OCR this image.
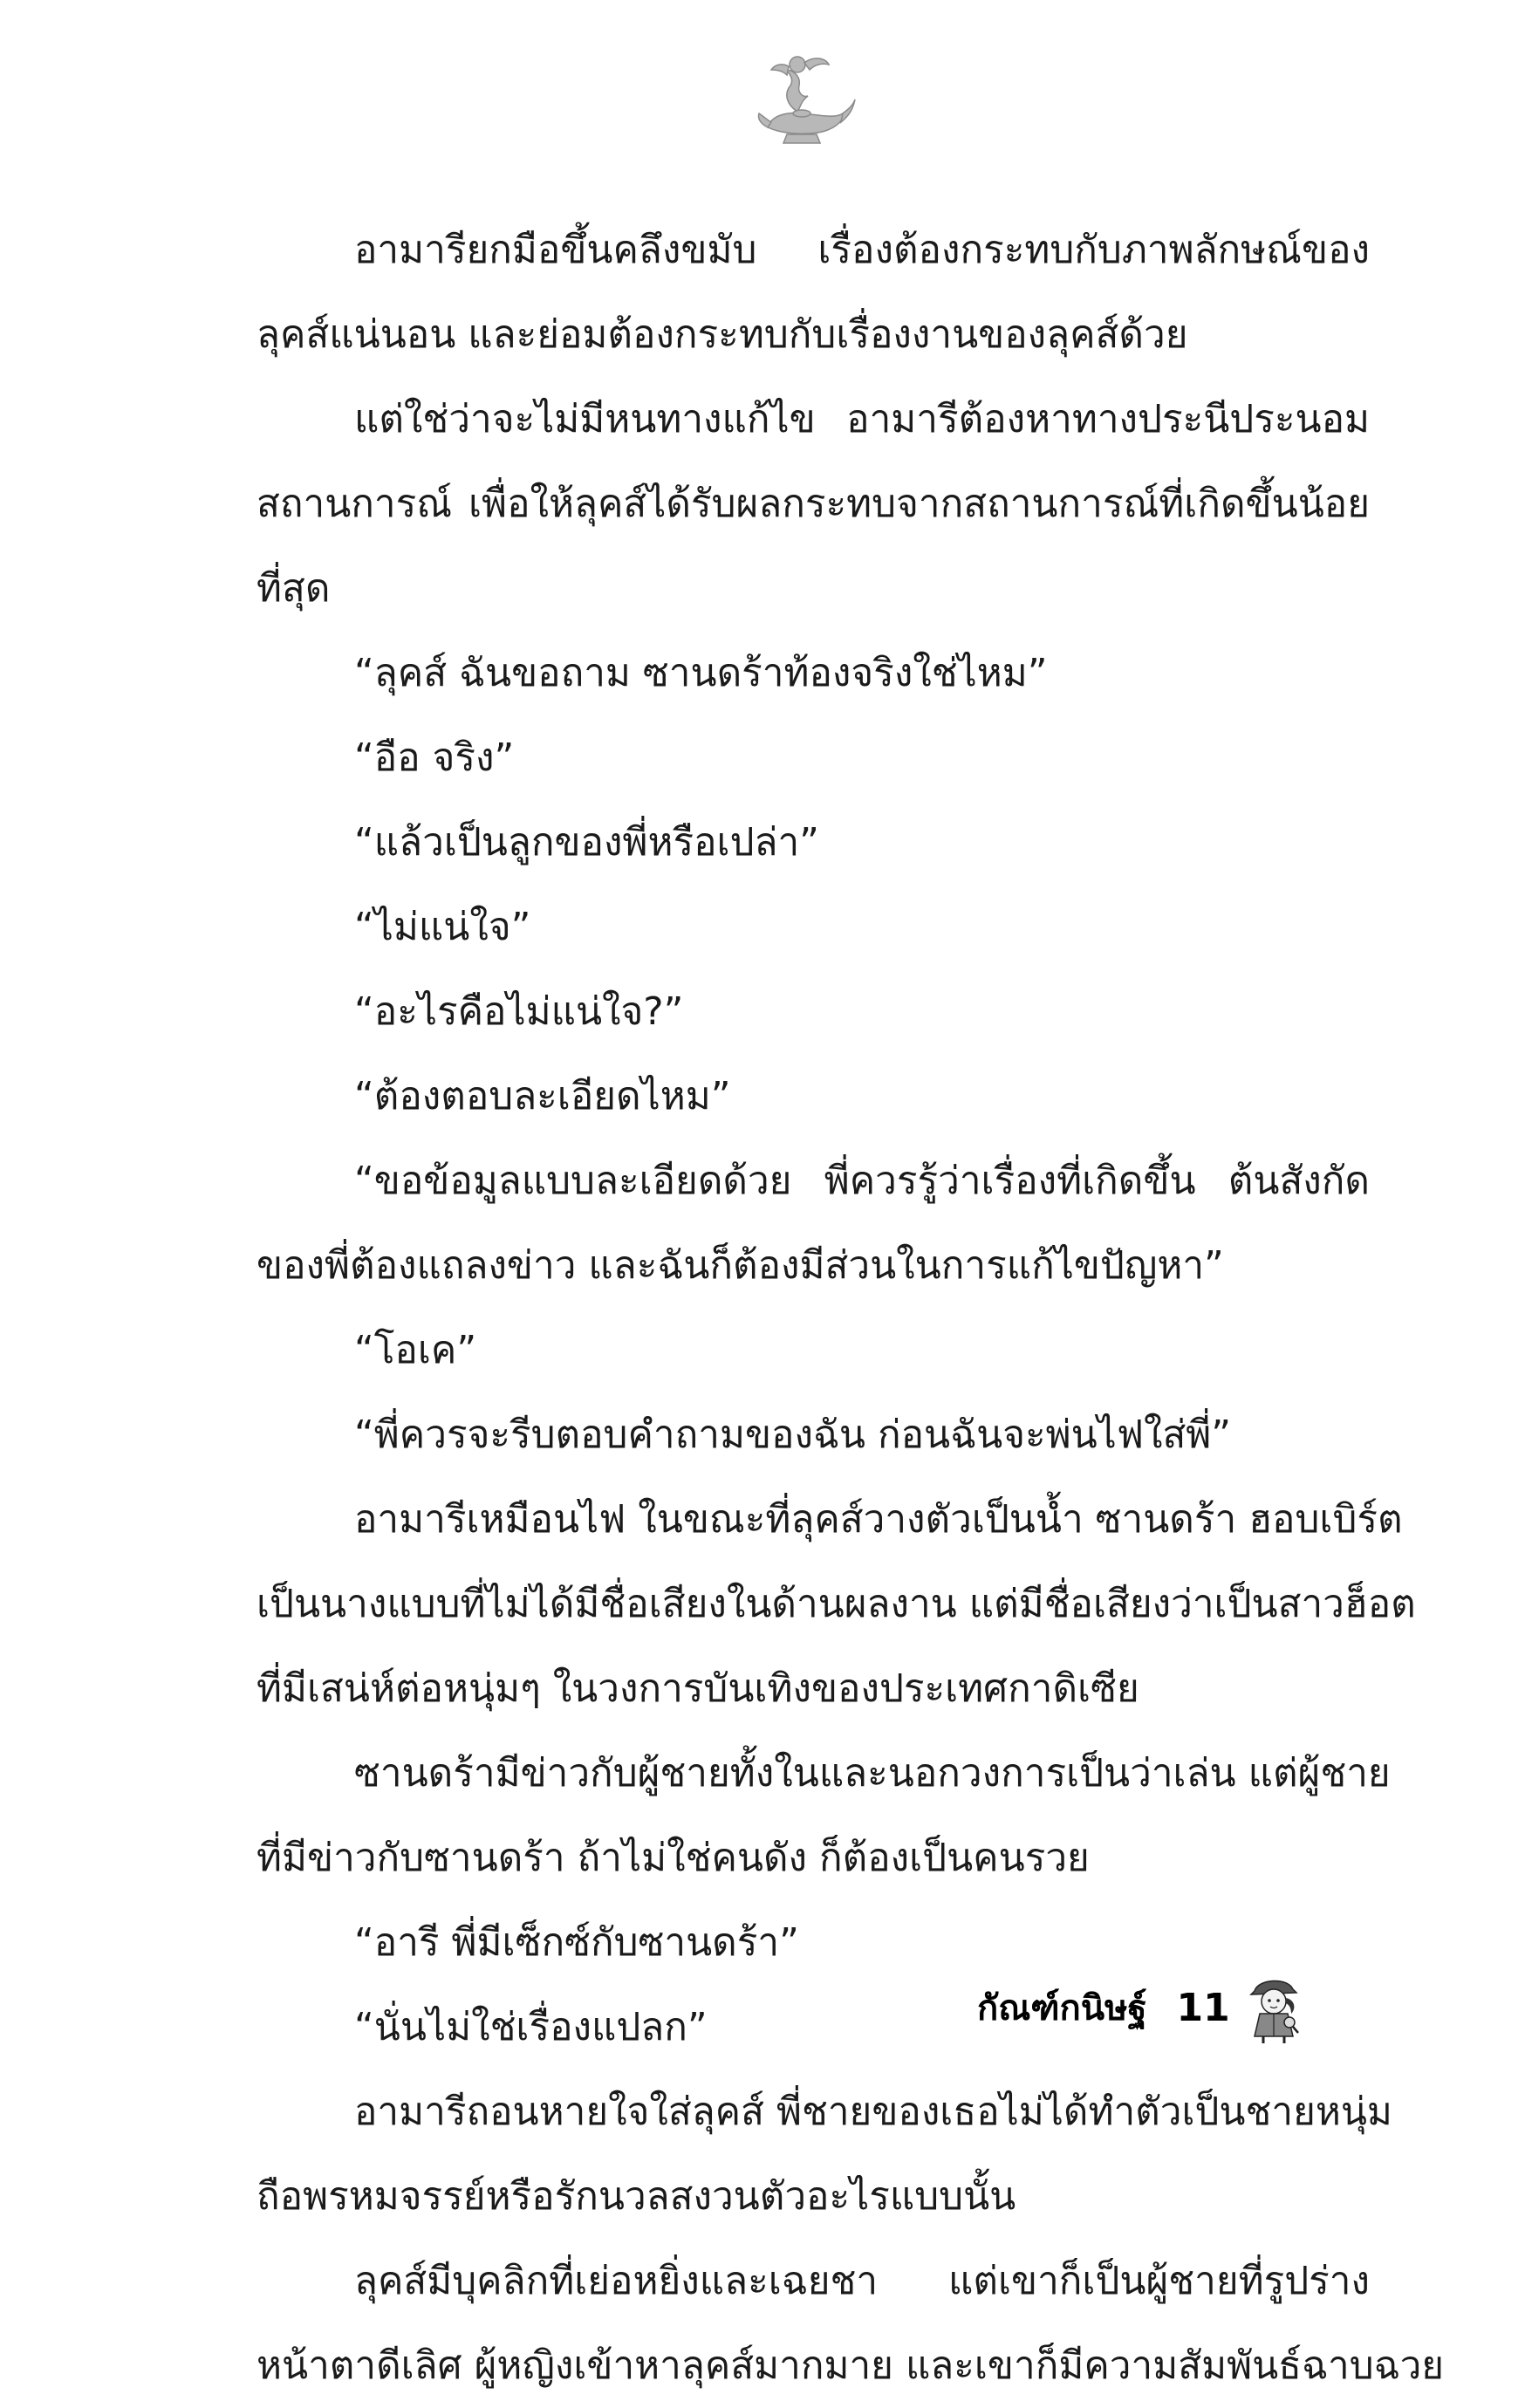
อามารียกมือขึ้นคลึงขมับ เรื่องต้องกระทบกับภาพลักษณ์ของ
ลุคส์แน่นอน และย่อมต้องกระทบกับเรื่องงานของลุคส์ด้วย
แต่ใช่ว่าจะไม่มีหนทางแก้ไข อามารีต้องหาทางประนีประนอม
สถานการณ์ เพื่อให้ลุคส์ได้รับผลกระทบจากสถานการณ์ที่เกิดขึ้นน้อย
ที่สุด
“ลุคส์ ฉันขอถาม ซานดร้าท้องจริงใช่ไหม”
“อือ จริง”
“แล้วเป็นลูกของพี่หรือเปล่า”
“ไม่แน่ใจ”
“อะไรคือไม่แน่ใจ?”
“ต้องตอบละเอียดไหม”
“ขอข้อมูลแบบละเอียดด้วย พี่ควรรู้ว่าเรื่องที่เกิดขึ้น ต้นสังกัด
ของพี่ต้องแถลงข่าว และฉันก็ต้องมีส่วนในการแก้ไขปัญหา”
“โอเค”
“พี่ควรจะรีบตอบคำถามของฉัน ก่อนฉันจะพ่นไฟใส่พี่”
อามารีเหมือนไฟ ในขณะที่ลุคส์วางตัวเป็นน้ำ ซานดร้า ฮอบเบิร์ต
เป็นนางแบบที่ไม่ได้มีชื่อเสียงในด้านผลงาน แต่มีชื่อเสียงว่าเป็นสาวฮ็อต
ที่มีเสน่ห์ต่อหนุ่มๆ ในวงการบันเทิงของประเทศกาดิเซีย
ซานดร้ามีข่าวกับผู้ชายทั้งในและนอกวงการเป็นว่าเล่น แต่ผู้ชาย
ที่มีข่าวกับซานดร้า ถ้าไม่ใช่คนดัง ก็ต้องเป็นคนรวย
“อารี พี่มีเซ็กซ์กับซานดร้า”
“นั่นไม่ใช่เรื่องแปลก”
อามารีถอนหายใจใส่ลุคส์ พี่ชายของเธอไม่ได้ทำตัวเป็นชายหนุ่ม
ถือพรหมจรรย์หรือรักนวลสงวนตัวอะไรแบบนั้น
ลุคส์มีบุคลิกที่เย่อหยิ่งและเฉยชา แต่เขาก็เป็นผู้ชายที่รูปร่าง
หน้าตาดีเลิศ ผู้หญิงเข้าหาลุคส์มากมาย และเขาก็มีความสัมพันธ์ฉาบฉวย
กัณฑ์กนิษฐ์ 11
